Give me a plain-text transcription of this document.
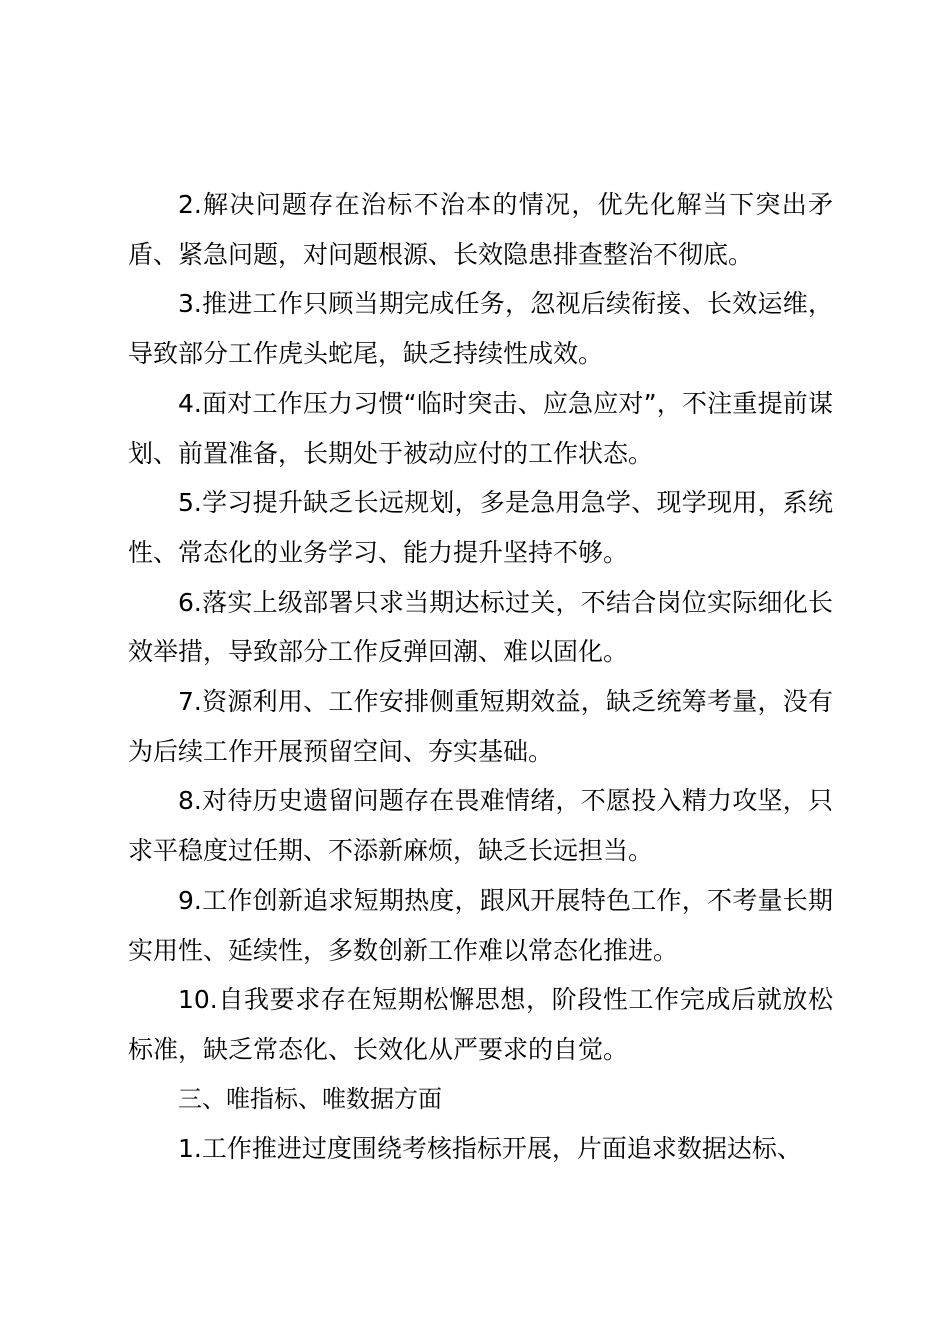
2.解决问题存在治标不治本的情况，优先化解当下突出矛盾、紧急问题，对问题根源、长效隐患排查整治不彻底。

3.推进工作只顾当期完成任务，忽视后续衔接、长效运维，导致部分工作虎头蛇尾，缺乏持续性成效。

4.面对工作压力习惯“临时突击、应急应对”，不注重提前谋划、前置准备，长期处于被动应付的工作状态。

5.学习提升缺乏长远规划，多是急用急学、现学现用，系统性、常态化的业务学习、能力提升坚持不够。

6.落实上级部署只求当期达标过关，不结合岗位实际细化长效举措，导致部分工作反弹回潮、难以固化。

7.资源利用、工作安排侧重短期效益，缺乏统筹考量，没有为后续工作开展预留空间、夯实基础。

8.对待历史遗留问题存在畏难情绪，不愿投入精力攻坚，只求平稳度过任期、不添新麻烦，缺乏长远担当。

9.工作创新追求短期热度，跟风开展特色工作，不考量长期实用性、延续性，多数创新工作难以常态化推进。

10.自我要求存在短期松懈思想，阶段性工作完成后就放松标准，缺乏常态化、长效化从严要求的自觉。

三、唯指标、唯数据方面

1.工作推进过度围绕考核指标开展，片面追求数据达标、
